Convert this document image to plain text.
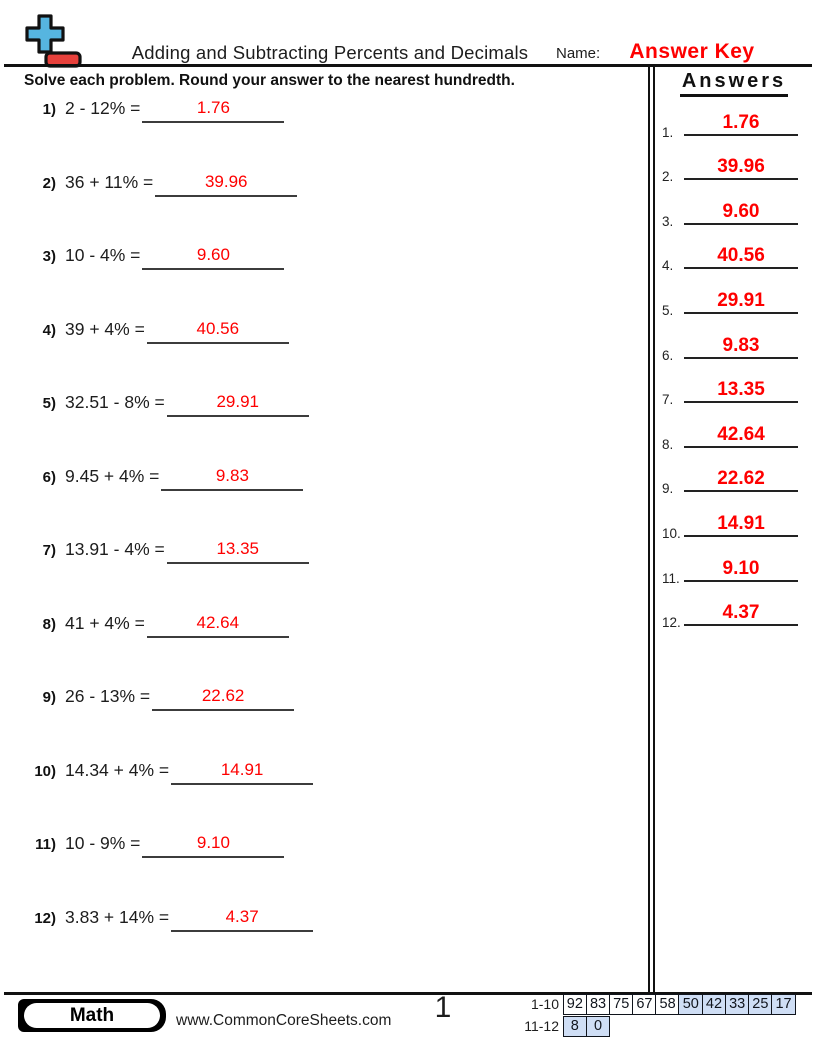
Adding and Subtracting Percents and Decimals	Name:	Answer Key
Solve each problem. Round your answer to the nearest hundredth.
1) 2 - 12% =	1.76
2) 36 + 11% =	39.96
3) 10 - 4% =	9.60
4) 39 + 4% =	40.56
5) 32.51 - 8% =	29.91
6) 9.45 + 4% =	9.83
7) 13.91 - 4% =	13.35
8) 41 + 4% =	42.64
9) 26 - 13% =	22.62
10) 14.34 + 4% =	14.91
11) 10 - 9% =	9.10
12) 3.83 + 14% =	4.37
Answers
1.	1.76
2.	39.96
3.	9.60
4.	40.56
5.	29.91
6.	9.83
7.	13.35
8.	42.64
9.	22.62
10.	14.91
11.	9.10
12.	4.37
Math	www.CommonCoreSheets.com	1	1-10 92 83 75 67 58 50 42 33 25 17
11-12 8	0
